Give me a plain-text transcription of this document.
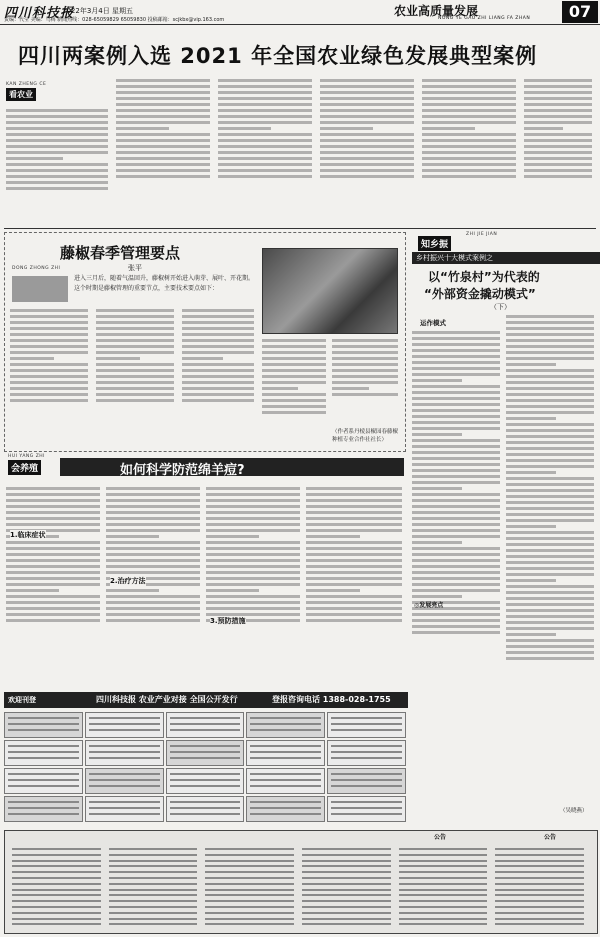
四川科技报
2022年3月4日 星期五
责编：代莹 美编：乌梅 新闻热线：028-65059829 65059830 投稿邮箱：scjkbx@vip.163.com
农业高质量发展
NONG YE GAO ZHI LIANG FA ZHAN	07
四川两案例入选 2021 年全国农业绿色发展典型案例
看农业
KAN ZHENG CE
藤椒春季管理要点
张平
DONG ZHONG ZHI
进入三月后，随着气温回升，藤椒树开始进入萌芽、展叶、开花期。这个时期是藤椒管理的重要节点，主要技术要点如下：
（作者系丹棱县椒园春藤椒种植专业合作社社长）
知乡振
ZHI JIE JIAN
乡村振兴十大模式案例之
以“竹泉村”为代表的
“外部资金撬动模式”
（下）
运作模式
◎发展亮点
（吴晓燕）
会养殖
HUI YANG ZHI
如何科学防范绵羊痘?
1.临床症状
2.治疗方法
3.预防措施
欢迎刊登	四川科技报 农业产业对接 全国公开发行	登报咨询电话 1388-028-1755
公告	公告
